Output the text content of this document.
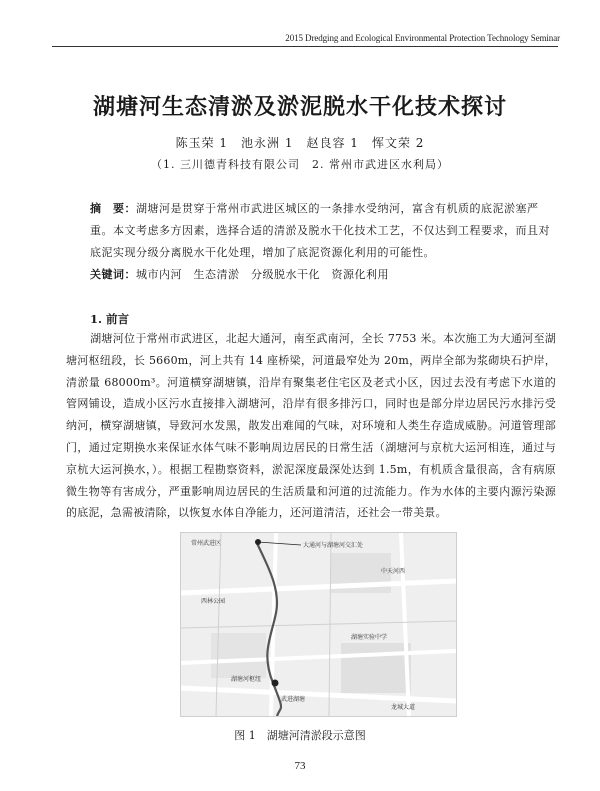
2015 Dredging and Ecological Environmental Protection Technology Seminar
湖塘河生态清淤及淤泥脱水干化技术探讨
陈玉荣 1　池永洲 1　赵良容 1　恽文荣 2
（1. 三川德青科技有限公司　2. 常州市武进区水利局）
摘　要：湖塘河是贯穿于常州市武进区城区的一条排水受纳河，富含有机质的底泥淤塞严重。本文考虑多方因素，选择合适的清淤及脱水干化技术工艺，不仅达到工程要求，而且对底泥实现分级分离脱水干化处理，增加了底泥资源化利用的可能性。
关键词：城市内河　生态清淤　分级脱水干化　资源化利用
1. 前言
湖塘河位于常州市武进区，北起大通河，南至武南河，全长 7753 米。本次施工为大通河至湖塘河枢纽段，长 5660m，河上共有 14 座桥梁，河道最窄处为 20m，两岸全部为浆砌块石护岸，清淤量 68000m³。河道横穿湖塘镇，沿岸有聚集老住宅区及老式小区，因过去没有考虑下水道的管网铺设，造成小区污水直接排入湖塘河，沿岸有很多排污口，同时也是部分岸边居民污水排污受纳河，横穿湖塘镇，导致河水发黑，散发出难闻的气味，对环境和人类生存造成威胁。河道管理部门，通过定期换水来保证水体气味不影响周边居民的日常生活（湖塘河与京杭大运河相连，通过与京杭大运河换水，）。根据工程勘察资料，淤泥深度最深处达到 1.5m，有机质含量很高，含有病原微生物等有害成分，严重影响周边居民的生活质量和河道的过流能力。作为水体的主要内源污染源的底泥，急需被清除，以恢复水体自净能力，还河道清洁，还社会一带美景。
常州武进区	大通河与湖塘河交汇处
中天河西
西林公园
武进湖塘
湖塘河枢纽
湖塘实验中学
龙城大道
图 1　湖塘河清淤段示意图
73
